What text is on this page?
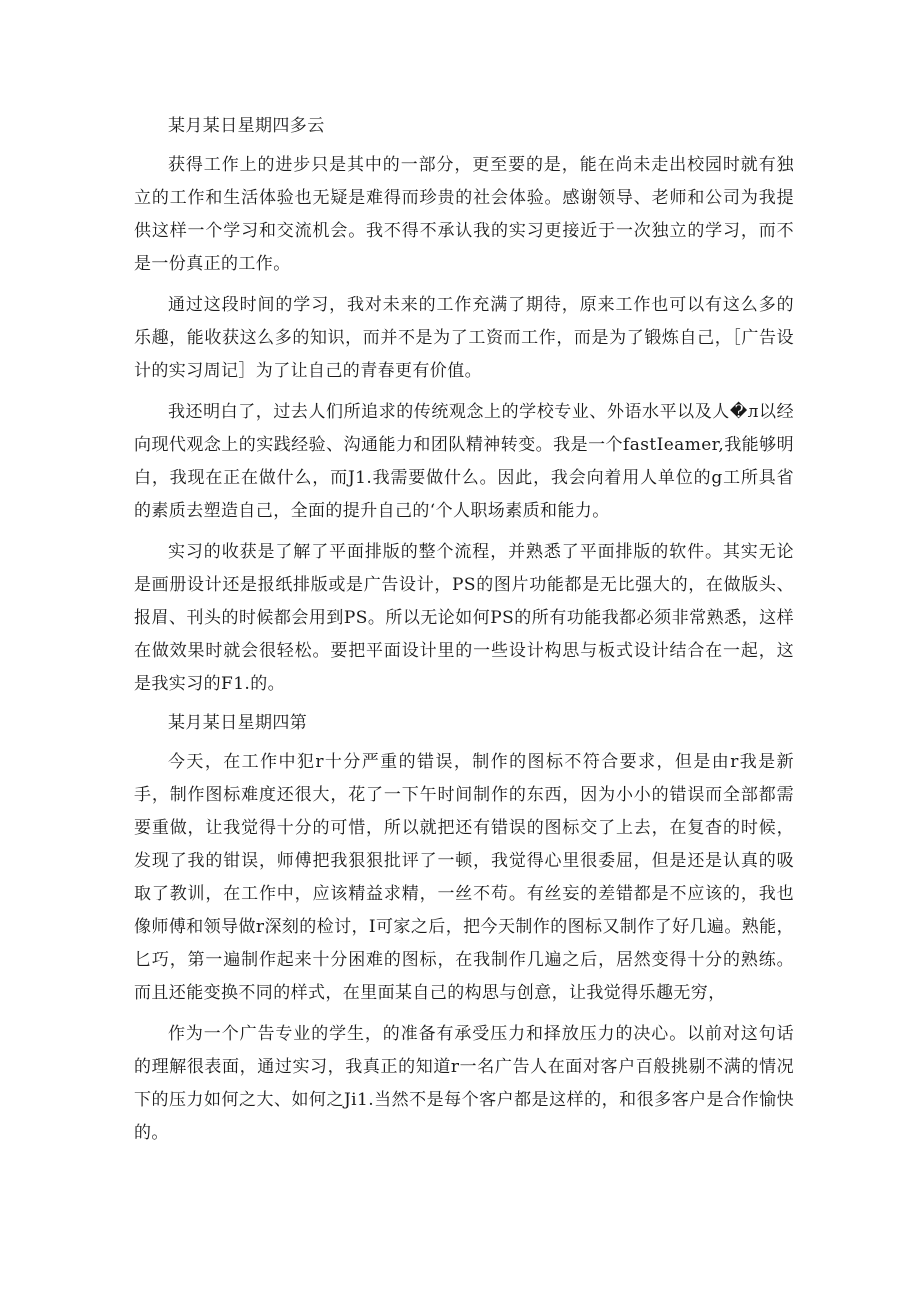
某月某日星期四多云

获得工作上的进步只是其中的一部分，更至要的是，能在尚未走出校园时就有独立的工作和生活体验也无疑是难得而珍贵的社会体验。感谢领导、老师和公司为我提供这样一个学习和交流机会。我不得不承认我的实习更接近于一次独立的学习，而不是一份真正的工作。

通过这段时间的学习，我对未来的工作充满了期待，原来工作也可以有这么多的乐趣，能收获这么多的知识，而并不是为了工资而工作，而是为了锻炼自己，［广告设计的实习周记］为了让自己的青春更有价值。

我还明白了，过去人们所追求的传统观念上的学校专业、外语水平以及人�л以经向现代观念上的实践经验、沟通能力和团队精神转变。我是一个fastIeamer,我能够明白，我现在正在做什么，而J1.我需要做什么。因此，我会向着用人单位的g工所具省的素质去塑造自己，全面的提升自己的‘个人职场素质和能力。

实习的收获是了解了平面排版的整个流程，并熟悉了平面排版的软件。其实无论是画册设计还是报纸排版或是广告设计，PS的图片功能都是无比强大的，在做版头、报眉、刊头的时候都会用到PS。所以无论如何PS的所有功能我都必须非常熟悉，这样在做效果时就会很轻松。要把平面设计里的一些设计构思与板式设计结合在一起，这是我实习的F1.的。

某月某日星期四第

今天，在工作中犯r十分严重的错误，制作的图标不符合要求，但是由r我是新手，制作图标难度还很大，花了一下午时间制作的东西，因为小小的错误而全部都需要重做，让我觉得十分的可惜，所以就把还有错误的图标交了上去，在复杳的时候，发现了我的钳误，师傅把我狠狠批评了一顿，我觉得心里很委屈，但是还是认真的吸取了教训，在工作中，应该精益求精，一丝不苟。有丝妄的差错都是不应该的，我也像师傅和领导做r深刻的检讨，I可家之后，把今天制作的图标又制作了好几遍。熟能，匕巧，第一遍制作起来十分困难的图标，在我制作几遍之后，居然变得十分的熟练。而且还能变换不同的样式，在里面某自己的构思与创意，让我觉得乐趣无穷，

作为一个广告专业的学生，的准备有承受压力和择放压力的决心。以前对这句话的理解很表面，通过实习，我真正的知道r一名广告人在面对客户百般挑剔不满的情况下的压力如何之大、如何之Ji1.当然不是每个客户都是这样的，和很多客户是合作愉快的。
